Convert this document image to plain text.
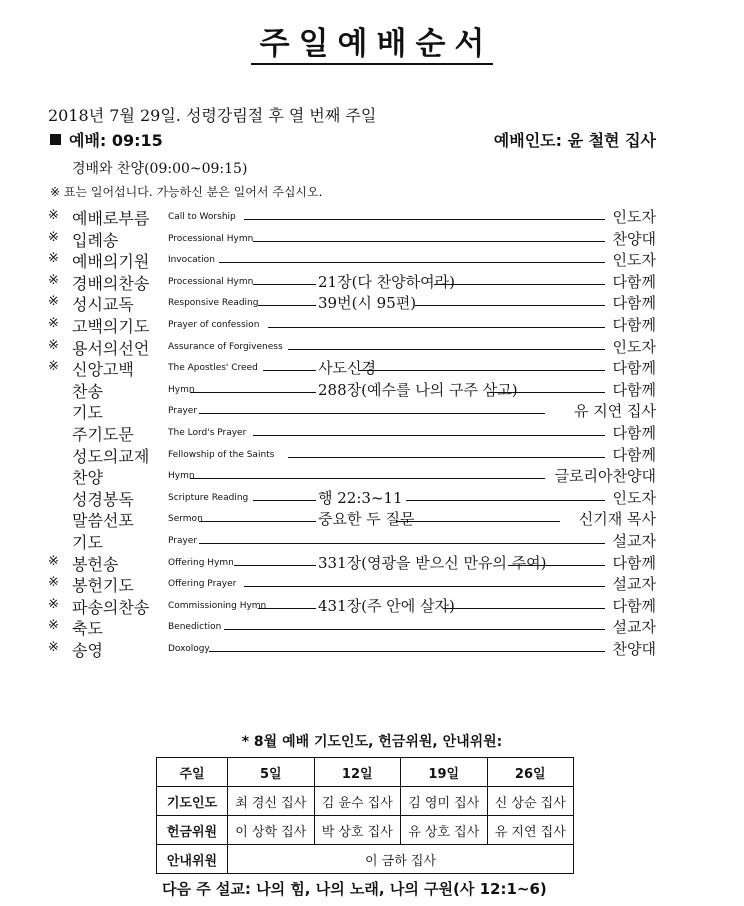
주일예배순서
2018년 7월 29일. 성령강림절 후 열 번째 주일
예배: 09:15	예배인도: 윤 철현 집사
경배와 찬양(09:00~09:15)
※ 표는 일어섭니다. 가능하신 분은 일어서 주십시오.
※ 예배로부름	Call to Worship	인도자
※ 입례송	Processional Hymn	찬양대
※ 예배의기원	Invocation	인도자
※ 경배의찬송	Processional Hymn	21장(다 찬양하여라)	다함께
※ 성시교독	Responsive Reading	39번(시 95편)	다함께
※ 고백의기도	Prayer of confession	다함께
※ 용서의선언	Assurance of Forgiveness	인도자
※ 신앙고백	The Apostles' Creed	사도신경	다함께
찬송	Hymn	288장(예수를 나의 구주 삼고)	다함께
기도	Prayer	유 지연 집사
주기도문	The Lord's Prayer	다함께
성도의교제	Fellowship of the Saints	다함께
찬양	Hymn	글로리아찬양대
성경봉독	Scripture Reading	행 22:3~11	인도자
말씀선포	Sermon	중요한 두 질문	신기재 목사
기도	Prayer	설교자
※ 봉헌송	Offering Hymn	331장(영광을 받으신 만유의 주여)	다함께
※ 봉헌기도	Offering Prayer	설교자
※ 파송의찬송	Commissioning Hymn	431장(주 안에 살자)	다함께
※ 축도	Benediction	설교자
※ 송영	Doxology	찬양대
* 8월 예배 기도인도, 헌금위원, 안내위원:
주일	5일	12일	19일	26일
기도인도	최 경신 집사	김 윤수 집사	김 영미 집사	신 상순 집사
헌금위원	이 상학 집사	박 상호 집사	유 상호 집사	유 지연 집사
안내위원	이 금하 집사			
다음 주 설교: 나의 힘, 나의 노래, 나의 구원(사 12:1~6)
